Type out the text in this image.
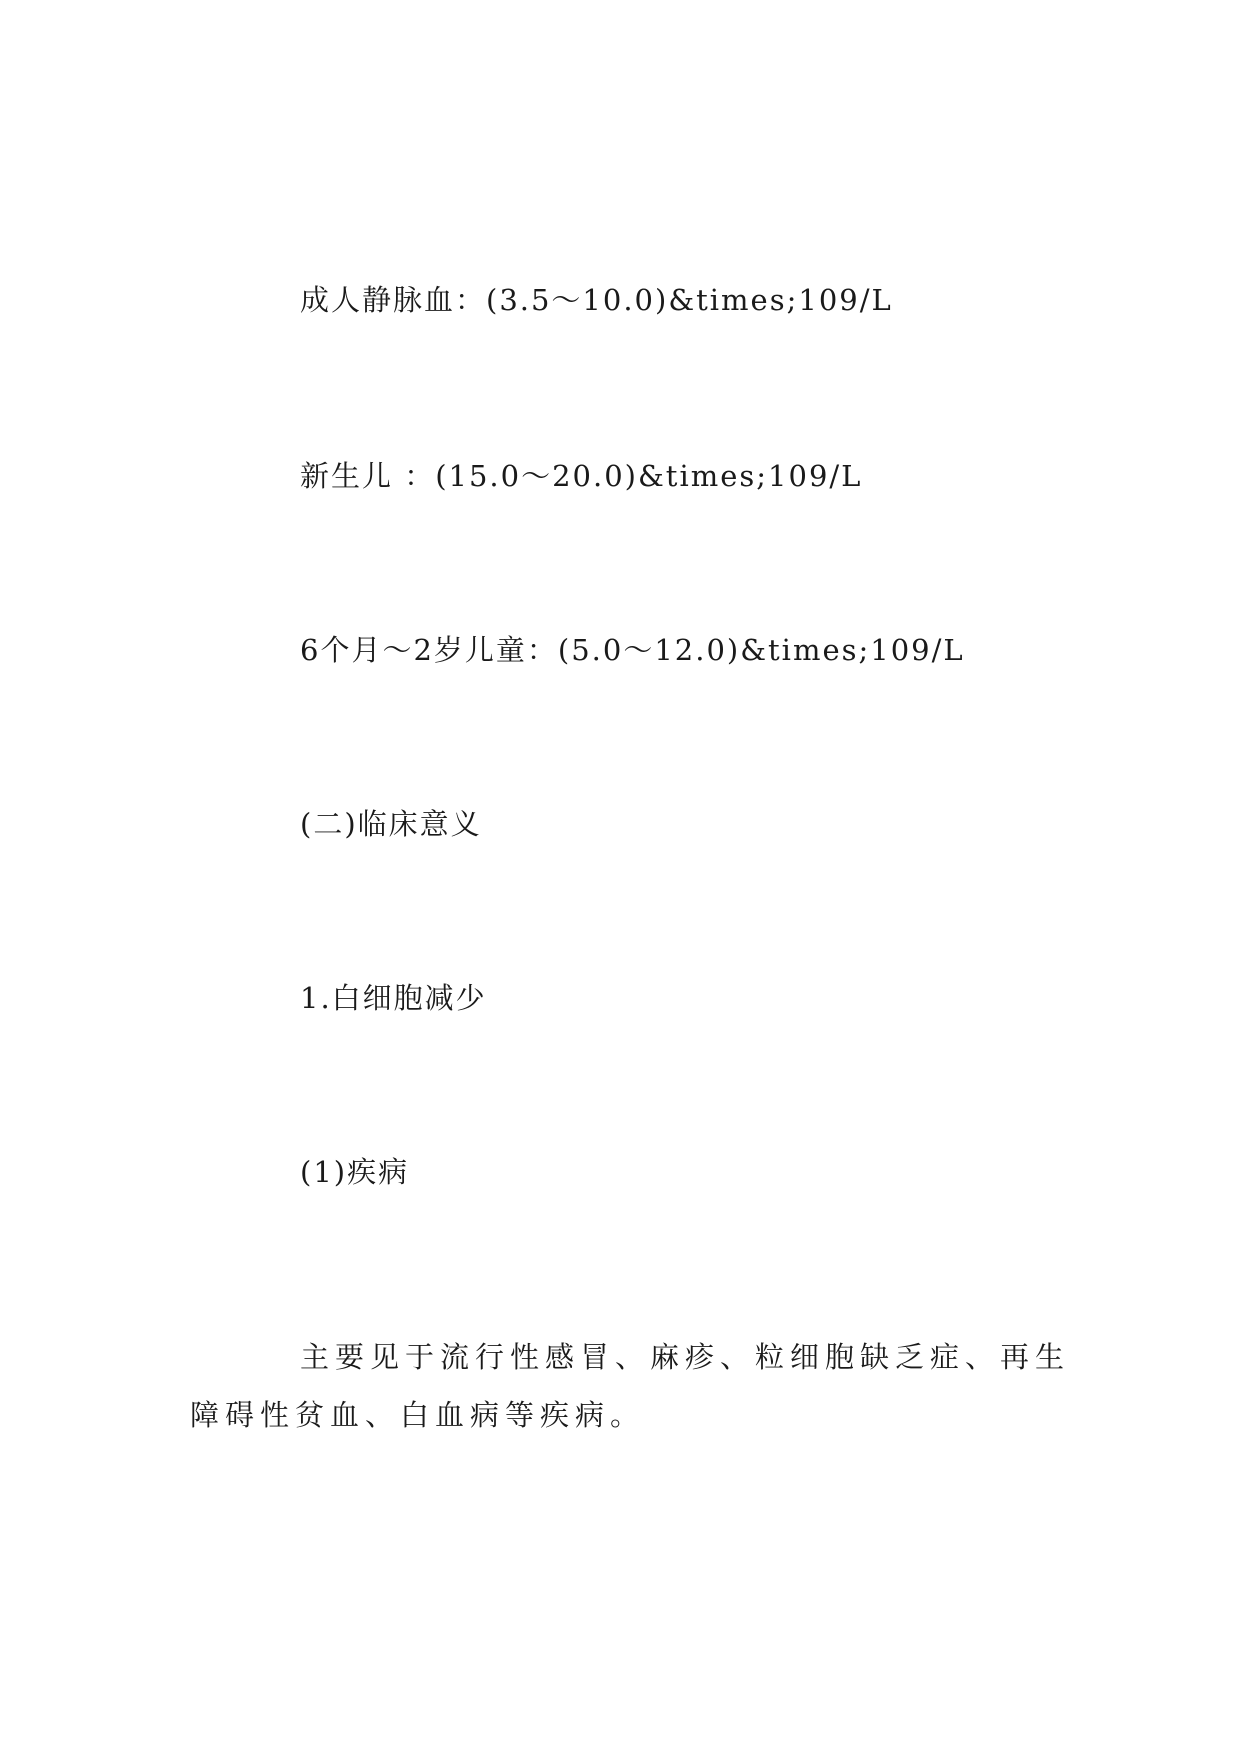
成人静脉血：(3.5～10.0)&times;109/L
新生儿 ：(15.0～20.0)&times;109/L
6个月～2岁儿童：(5.0～12.0)&times;109/L
(二)临床意义
1.白细胞减少
(1)疾病
主要见于流行性感冒、麻疹、粒细胞缺乏症、再生障碍性贫血、白血病等疾病。
